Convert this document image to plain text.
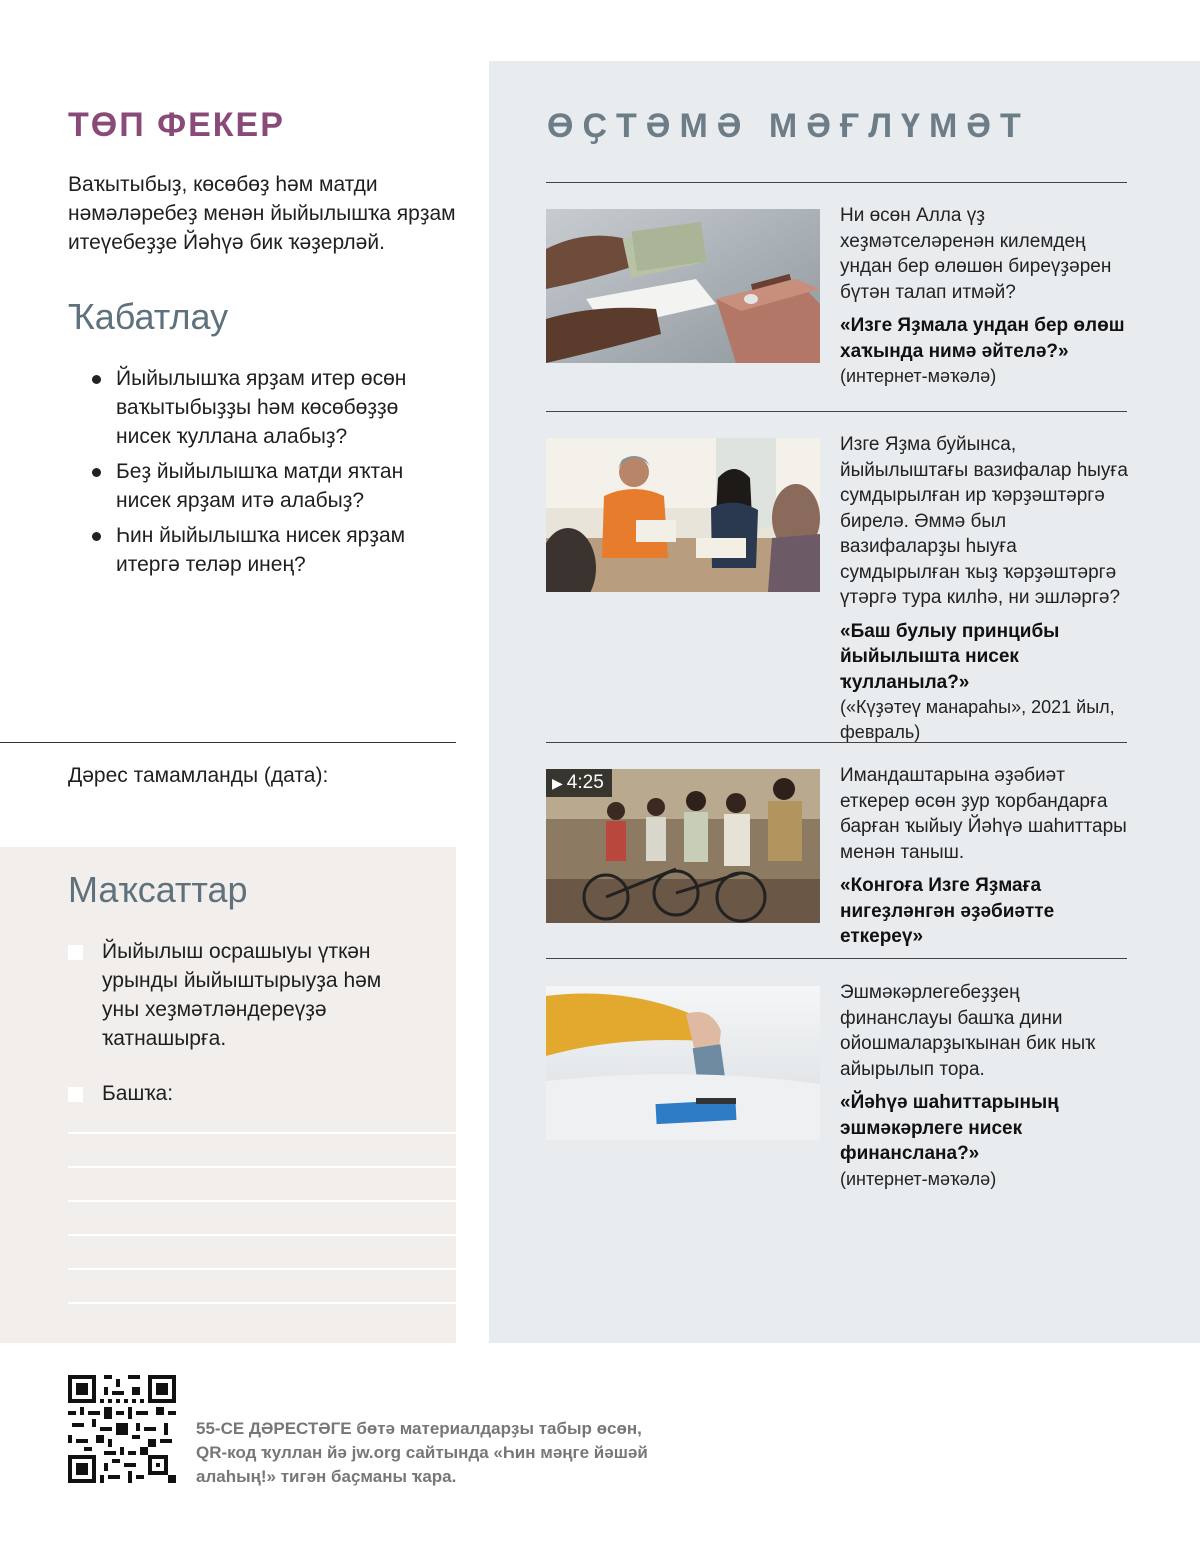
ТӨП ФЕКЕР

Ваҡытыбыҙ, көсөбөҙ һәм матди нәмәләребеҙ менән йыйылышҡа ярҙам итеүебеҙҙе Йәһүә бик ҡәҙерләй.

Ҡабатлау
Йыйылышҡа ярҙам итер өсөн ваҡытыбыҙҙы һәм көсөбөҙҙө нисек ҡуллана алабыҙ?
Беҙ йыйылышҡа матди яҡтан нисек ярҙам итә алабыҙ?
Һин йыйылышҡа нисек ярҙам итергә теләр инең?
Дәрес тамамланды (дата):
Маҡсаттар
Йыйылыш осрашыуы үткән урынды йыйыштырыуҙа һәм уны хеҙмәтләндереүҙә ҡатнашырға.
Башҡа:
ӨҪТӘМӘ МӘҒЛҮМӘТ

Ни өсөн Алла үҙ хеҙмәтселәренән килемдең ундан бер өлөшөн биреүҙәрен бүтән талап итмәй?

«Изге Яҙмала ундан бер өлөш хаҡында нимә әйтелә?»

(интернет-мәҡәлә)

Изге Яҙма буйынса, йыйылыштағы вазифалар һыуға сумдырылған ир ҡәрҙәштәргә бирелә. Әммә был вазифаларҙы һыуға сумдырылған ҡыҙ ҡәрҙәштәргә үтәргә тура килһә, ни эшләргә?

«Баш булыу принцибы йыйылышта нисек ҡулланыла?»

(«Күҙәтеү манараһы», 2021 йыл, февраль)

▶ 4:25	Имандаштарына әҙәбиәт еткерер өсөн ҙур ҡорбандарға барған ҡыйыу Йәһүә шаһиттары менән таныш.

«Конгоға Изге Яҙмаға нигеҙләнгән әҙәбиәтте еткереү»

Эшмәкәрлегебеҙҙең финанслаyы башҡа дини ойошмаларҙыҡынан бик ныҡ айырылып тора.

«Йәһүә шаһиттарының эшмәкәрлеге нисек финанслана?»

(интернет-мәҡәлә)

55-СЕ ДӘРЕСТӘГЕ бөтә материалдарҙы табыр өсөн, QR-код ҡуллан йә jw.org сайтында «Һин мәңге йәшәй алаһың!» тигән баҫманы ҡара.
